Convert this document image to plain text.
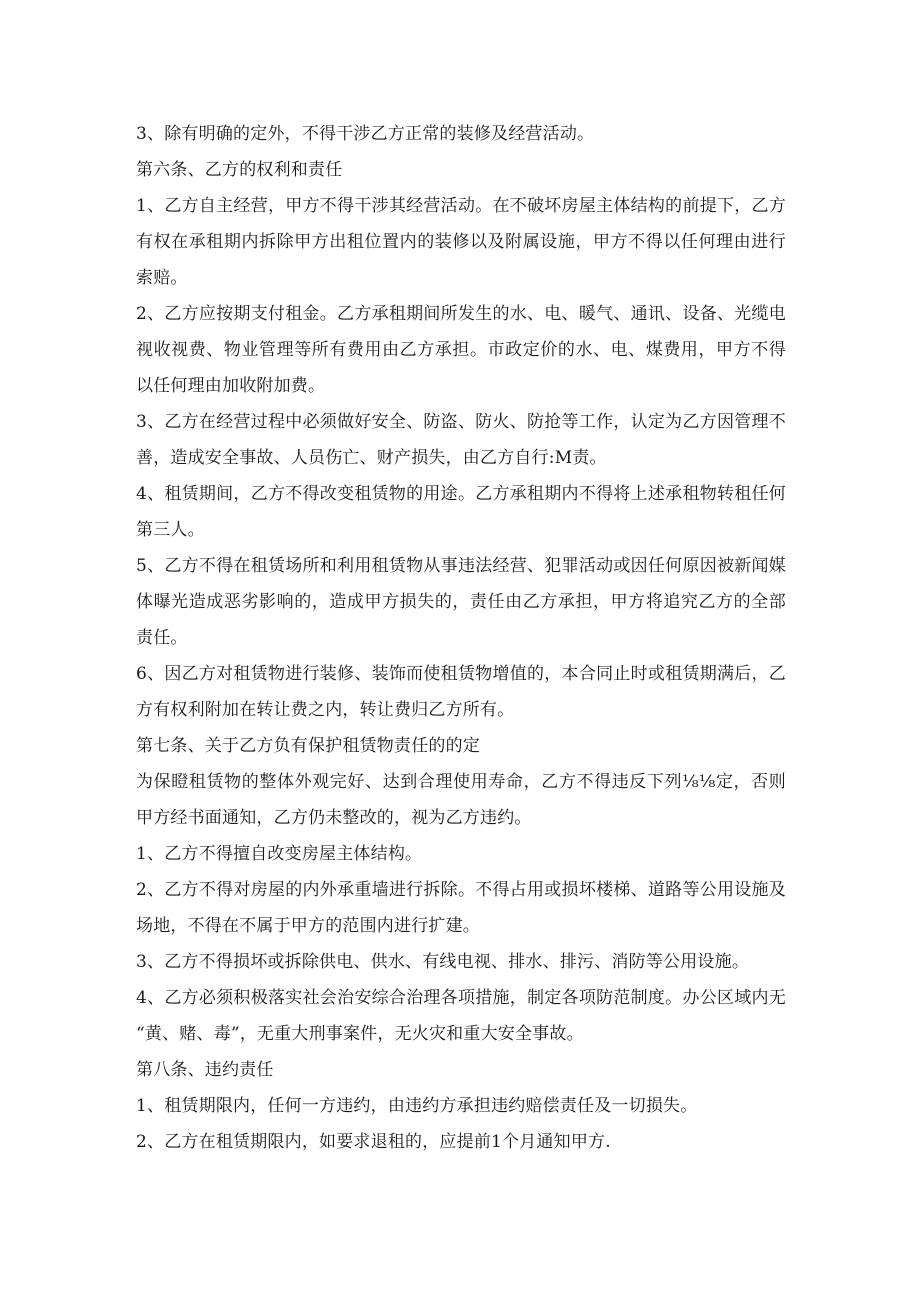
3、除有明确的定外，不得干涉乙方正常的装修及经营活动。
第六条、乙方的权利和责任
1、乙方自主经营，甲方不得干涉其经营活动。在不破坏房屋主体结构的前提下，乙方
有权在承租期内拆除甲方出租位置内的装修以及附属设施，甲方不得以任何理由进行
索赔。
2、乙方应按期支付租金。乙方承租期间所发生的水、电、暖气、通讯、设备、光缆电
视收视费、物业管理等所有费用由乙方承担。市政定价的水、电、煤费用，甲方不得
以任何理由加收附加费。
3、乙方在经营过程中必须做好安全、防盗、防火、防抢等工作，认定为乙方因管理不
善，造成安全事故、人员伤亡、财产损失，由乙方自行:M责。
4、租赁期间，乙方不得改变租赁物的用途。乙方承租期内不得将上述承租物转租任何
第三人。
5、乙方不得在租赁场所和利用租赁物从事违法经营、犯罪活动或因任何原因被新闻媒
体曝光造成恶劣影响的，造成甲方损失的，责任由乙方承担，甲方将追究乙方的全部
责任。
6、因乙方对租赁物进行装修、装饰而使租赁物增值的，本合同止时或租赁期满后，乙
方有权利附加在转让费之内，转让费归乙方所有。
第七条、关于乙方负有保护租赁物责任的的定
为保瞪租赁物的整体外观完好、达到合理使用寿命，乙方不得违反下列⅛⅛定，否则
甲方经书面通知，乙方仍未整改的，视为乙方违约。
1、乙方不得擅自改变房屋主体结构。
2、乙方不得对房屋的内外承重墙进行拆除。不得占用或损坏楼梯、道路等公用设施及
场地，不得在不属于甲方的范围内进行扩建。
3、乙方不得损坏或拆除供电、供水、有线电视、排水、排污、消防等公用设施。
4、乙方必须积极落实社会治安综合治理各项措施，制定各项防范制度。办公区域内无
“黄、赌、毒”，无重大刑事案件，无火灾和重大安全事故。
第八条、违约责任
1、租赁期限内，任何一方违约，由违约方承担违约赔偿责任及一切损失。
2、乙方在租赁期限内，如要求退租的，应提前1个月通知甲方.
